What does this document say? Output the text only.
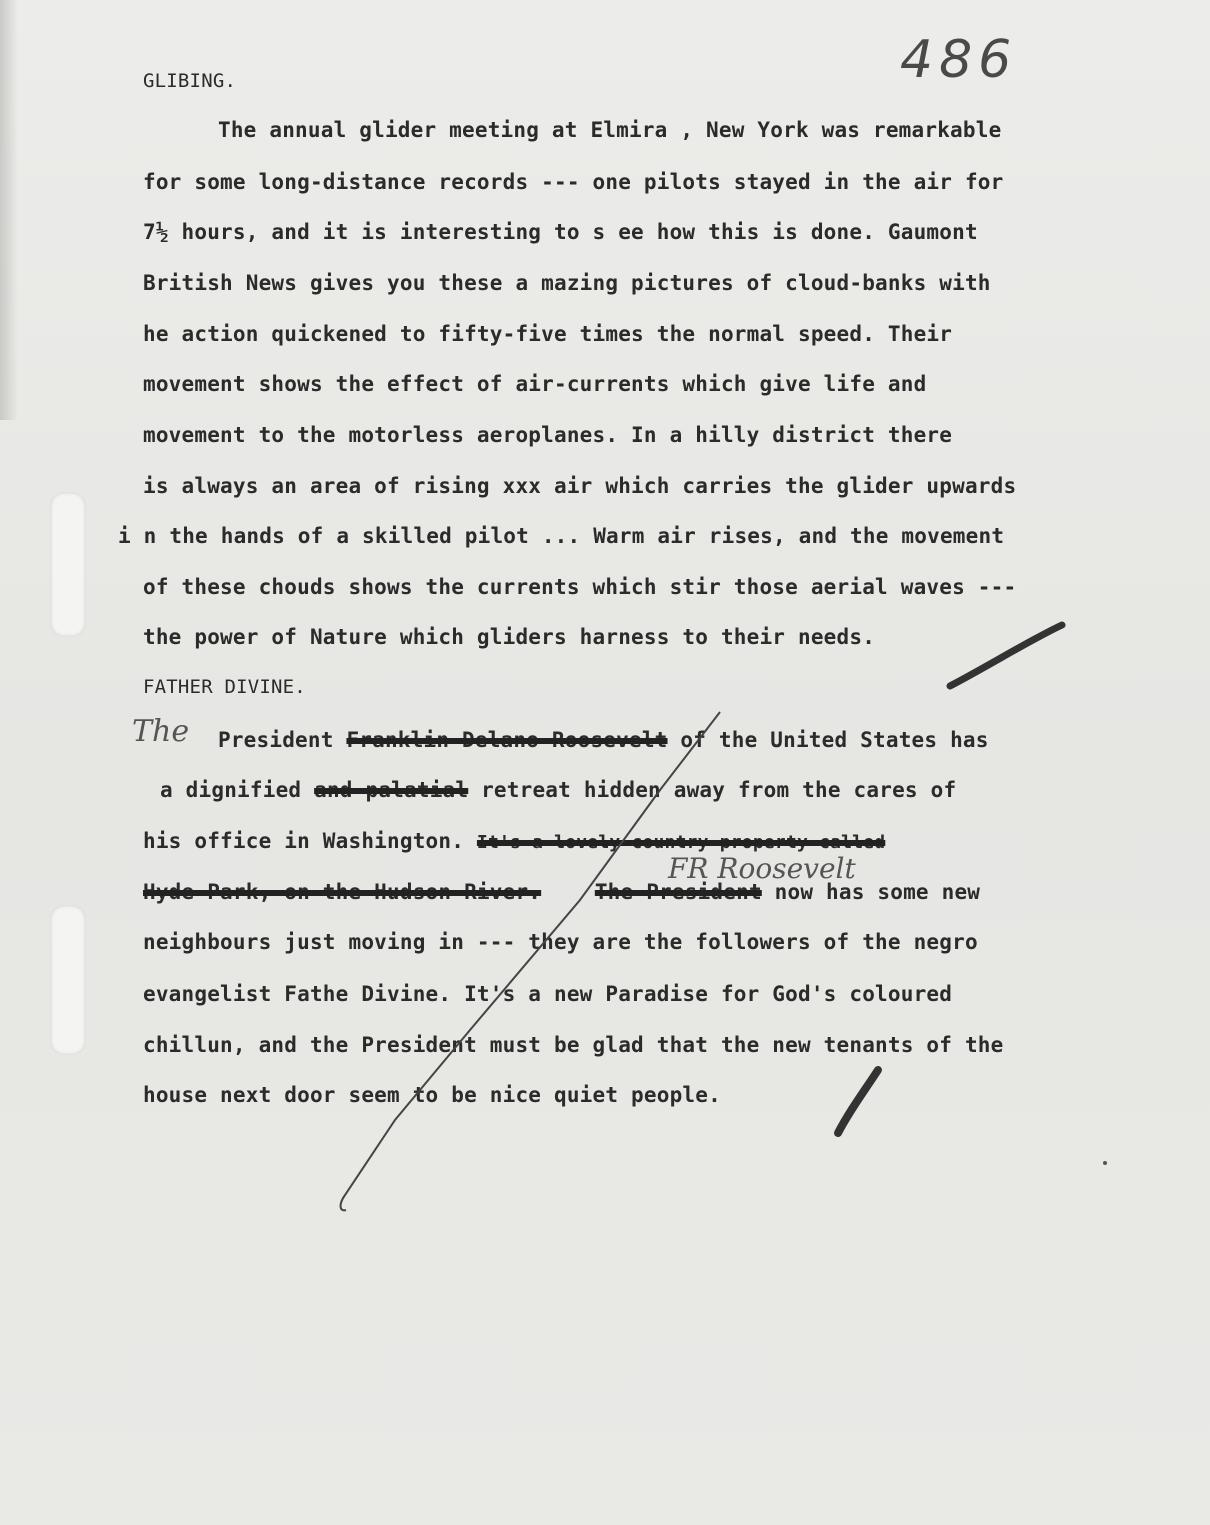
486
GLIBING.
The annual glider meeting at Elmira , New York was remarkable
for some long-distance records --- one pilots stayed in the air for
7½ hours, and it is interesting to s ee how this is done. Gaumont
British News gives you these a mazing pictures of cloud-banks with
he action quickened to fifty-five times the normal speed. Their
movement shows the effect of air-currents which give life and
movement to the motorless aeroplanes. In a hilly district there
is always an area of rising xxx air which carries the glider upwards
i n the hands of a skilled pilot ... Warm air rises, and the movement
of these chouds shows the currents which stir those aerial waves ---
the power of Nature which gliders harness to their needs.
FATHER DIVINE.
The President Franklin Delano Roosevelt of the United States has
a dignified and palatial retreat hidden away from the cares of
his office in Washington. It's a lovely country property called
FR Roosevelt
Hyde Park, on the Hudson River.	The President now has some new
neighbours just moving in --- they are the followers of the negro
evangelist Fathe Divine. It's a new Paradise for God's coloured
chillun, and the President must be glad that the new tenants of the
house next door seem to be nice quiet people.
